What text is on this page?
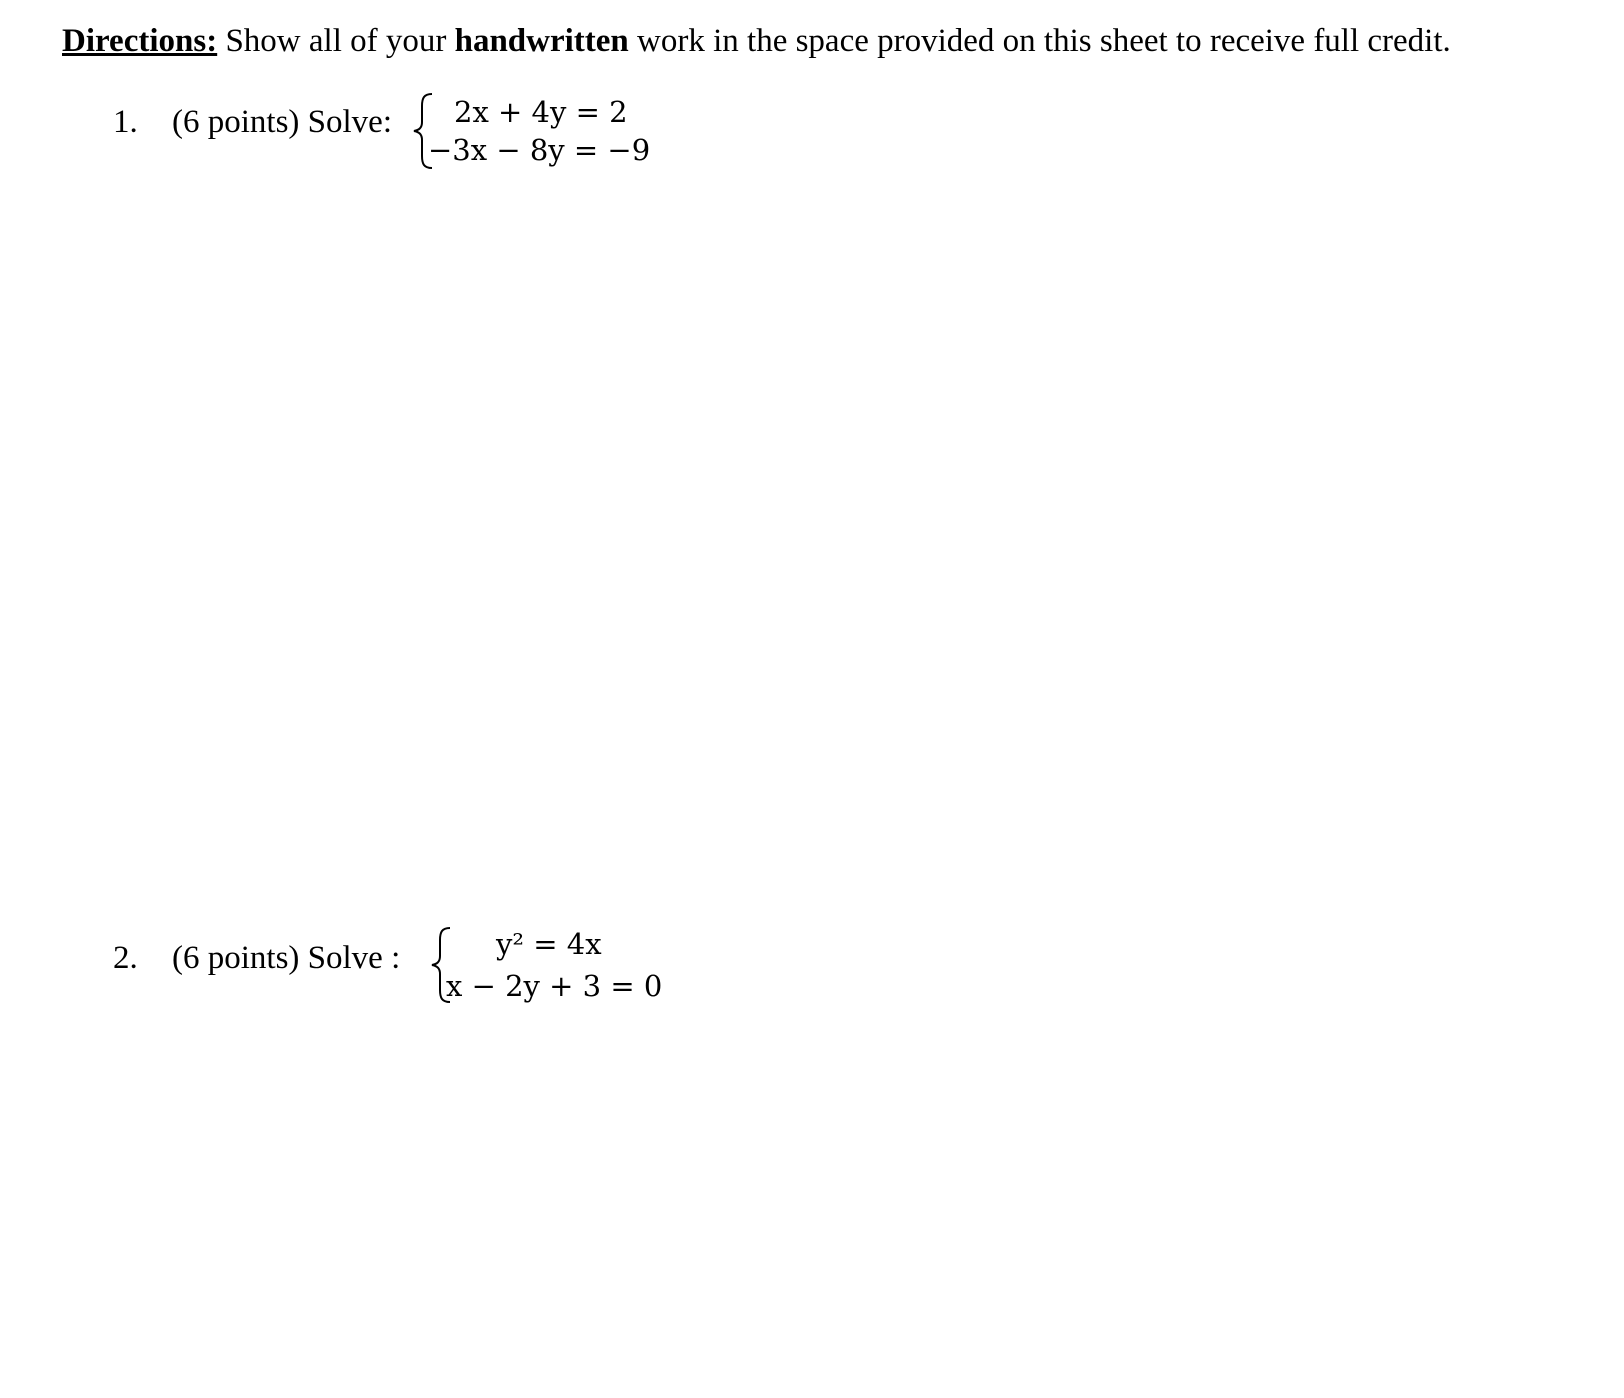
Directions: Show all of your handwritten work in the space provided on this sheet to receive full credit.
1. (6 points) Solve: 2x + 4y = 2
−3x − 8y = −9
2. (6 points) Solve :	y² = 4x
x − 2y + 3 = 0
